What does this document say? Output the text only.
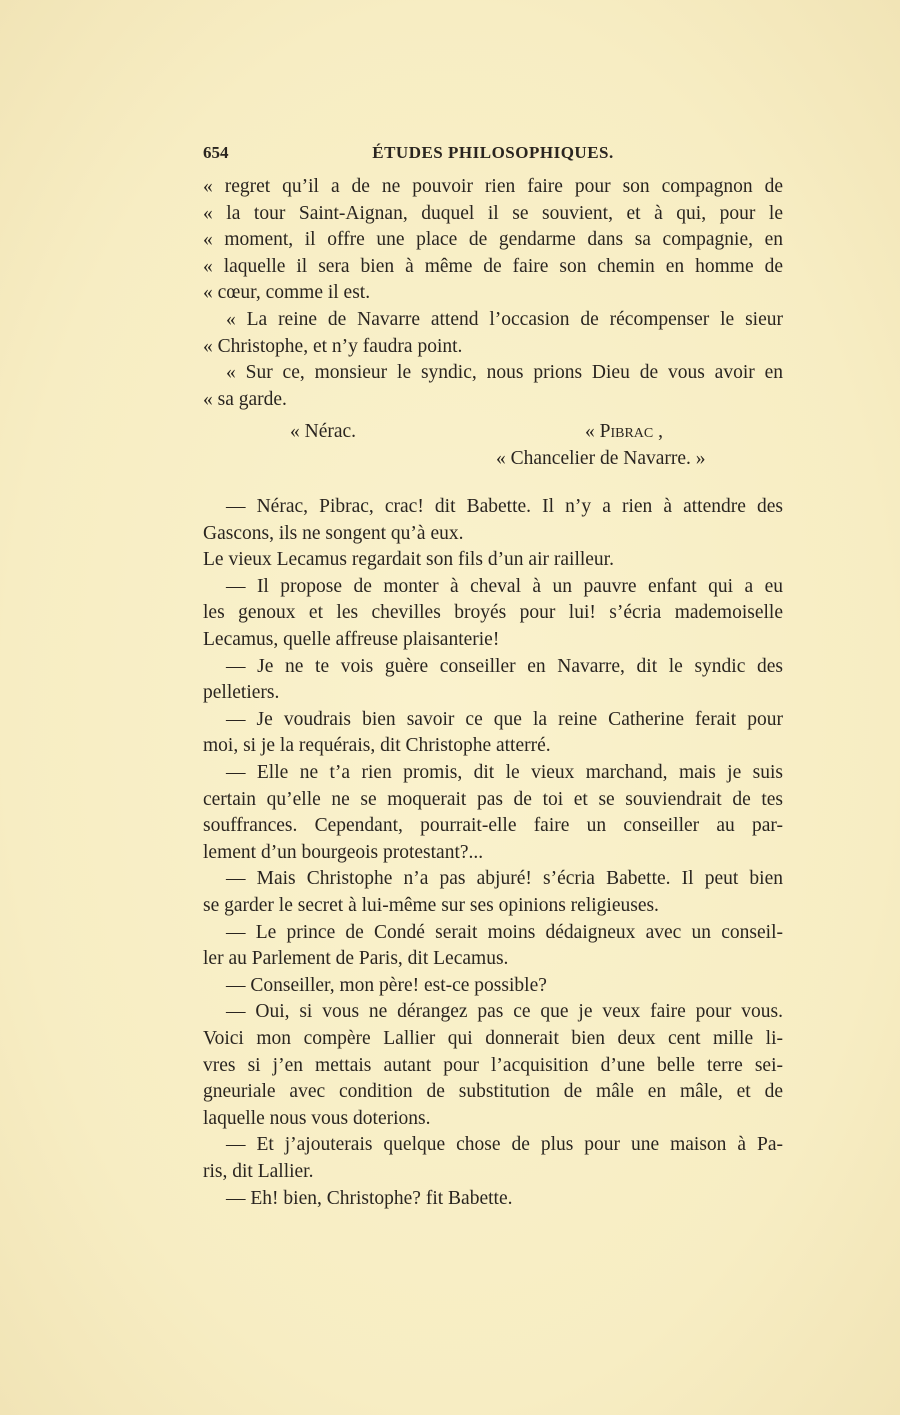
654	ÉTUDES PHILOSOPHIQUES.
« regret qu’il a de ne pouvoir rien faire pour son compagnon de
« la tour Saint-Aignan, duquel il se souvient, et à qui, pour le
« moment, il offre une place de gendarme dans sa compagnie, en
« laquelle il sera bien à même de faire son chemin en homme de
« cœur, comme il est.
« La reine de Navarre attend l’occasion de récompenser le sieur
« Christophe, et n’y faudra point.
« Sur ce, monsieur le syndic, nous prions Dieu de vous avoir en
« sa garde.
« Nérac.	« Pibrac ,
« Chancelier de Navarre. »
— Nérac, Pibrac, crac! dit Babette. Il n’y a rien à attendre des
Gascons, ils ne songent qu’à eux.
Le vieux Lecamus regardait son fils d’un air railleur.
— Il propose de monter à cheval à un pauvre enfant qui a eu
les genoux et les chevilles broyés pour lui! s’écria mademoiselle
Lecamus, quelle affreuse plaisanterie!
— Je ne te vois guère conseiller en Navarre, dit le syndic des
pelletiers.
— Je voudrais bien savoir ce que la reine Catherine ferait pour
moi, si je la requérais, dit Christophe atterré.
— Elle ne t’a rien promis, dit le vieux marchand, mais je suis
certain qu’elle ne se moquerait pas de toi et se souviendrait de tes
souffrances. Cependant, pourrait-elle faire un conseiller au par-
lement d’un bourgeois protestant?...
— Mais Christophe n’a pas abjuré! s’écria Babette. Il peut bien
se garder le secret à lui-même sur ses opinions religieuses.
— Le prince de Condé serait moins dédaigneux avec un conseil-
ler au Parlement de Paris, dit Lecamus.
— Conseiller, mon père! est-ce possible?
— Oui, si vous ne dérangez pas ce que je veux faire pour vous.
Voici mon compère Lallier qui donnerait bien deux cent mille li-
vres si j’en mettais autant pour l’acquisition d’une belle terre sei-
gneuriale avec condition de substitution de mâle en mâle, et de
laquelle nous vous doterions.
— Et j’ajouterais quelque chose de plus pour une maison à Pa-
ris, dit Lallier.
— Eh! bien, Christophe? fit Babette.
